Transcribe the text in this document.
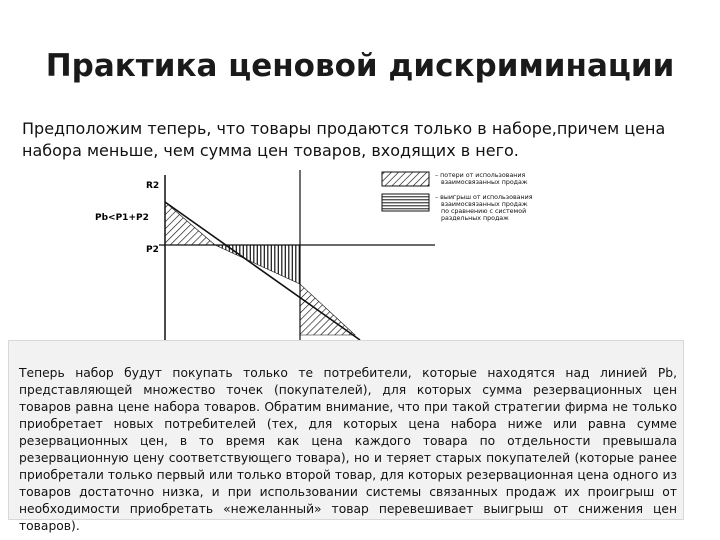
Практика ценовой дискриминации
Предположим теперь, что товары продаются только в наборе,причем цена набора меньше, чем сумма цен товаров, входящих в него.
R2
Pb<P1+P2
P2
– потери от использования взаимосвязанных продаж
– выигрыш от использования взаимосвязанных продаж по сравнению с системой раздельных продаж

Теперь набор будут покупать только те потребители, которые находятся над линией Pb, представляющей множество точек (покупателей), для которых сумма резервационных цен товаров равна цене набора товаров. Обратим внимание, что при такой стратегии фирма не только приобретает новых потребителей (тех, для которых цена набора ниже или равна сумме резервационных цен, в то время как цена каждого товара по отдельности превышала резервационную цену соответствующего товара), но и теряет старых покупателей (которые ранее приобретали только первый или только второй товар, для которых резервационная цена одного из товаров достаточно низка, и при использовании системы связанных продаж их проигрыш от необходимости приобретать «нежеланный» товар перевешивает выигрыш от снижения цен товаров).
